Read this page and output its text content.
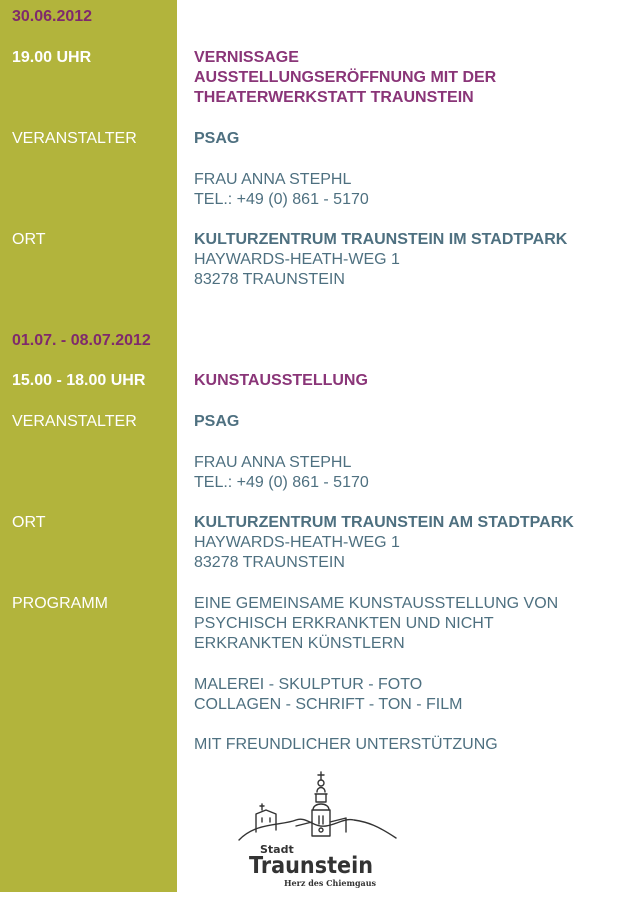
30.06.2012
19.00 UHR	VERNISSAGE
AUSSTELLUNGSERÖFFNUNG MIT DER
THEATERWERKSTATT TRAUNSTEIN
VERANSTALTER	PSAG
FRAU ANNA STEPHL
TEL.: +49 (0) 861 - 5170
ORT	KULTURZENTRUM TRAUNSTEIN IM STADTPARK
HAYWARDS-HEATH-WEG 1
83278 TRAUNSTEIN
01.07. - 08.07.2012
15.00 - 18.00 UHR	KUNSTAUSSTELLUNG
VERANSTALTER	PSAG
FRAU ANNA STEPHL
TEL.: +49 (0) 861 - 5170
ORT	KULTURZENTRUM TRAUNSTEIN AM STADTPARK
HAYWARDS-HEATH-WEG 1
83278 TRAUNSTEIN
PROGRAMM	EINE GEMEINSAME KUNSTAUSSTELLUNG VON
PSYCHISCH ERKRANKTEN UND NICHT
ERKRANKTEN KÜNSTLERN
MALEREI - SKULPTUR - FOTO
COLLAGEN - SCHRIFT - TON - FILM
MIT FREUNDLICHER UNTERSTÜTZUNG
Stadt
Traunstein
Herz des Chiemgaus
